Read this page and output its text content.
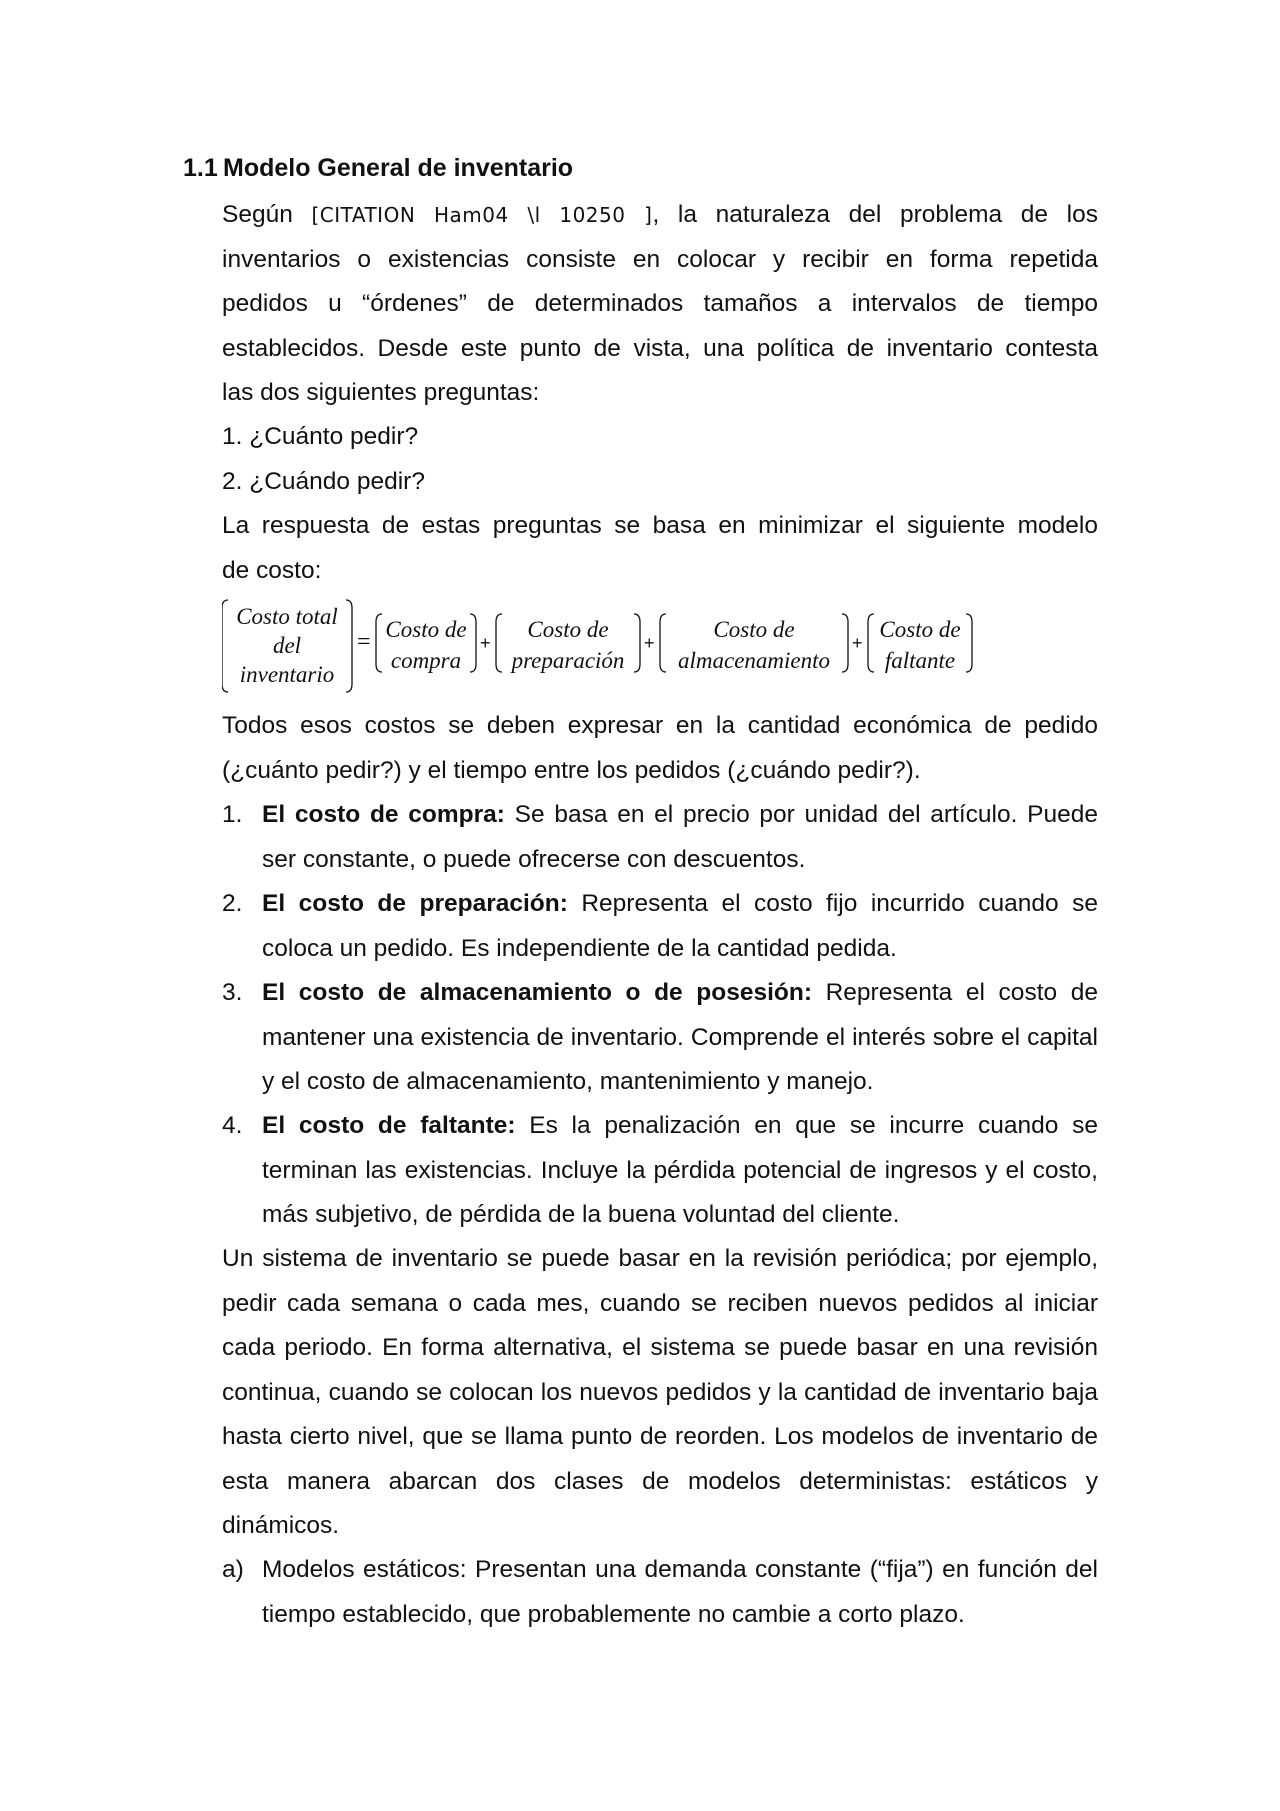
1.1 Modelo General de inventario
Según [CITATION Ham04 \l 10250 ], la naturaleza del problema de los
inventarios o existencias consiste en colocar y recibir en forma repetida
pedidos u “órdenes” de determinados tamaños a intervalos de tiempo
establecidos. Desde este punto de vista, una política de inventario contesta
las dos siguientes preguntas:
1. ¿Cuánto pedir?
2. ¿Cuándo pedir?
La respuesta de estas preguntas se basa en minimizar el siguiente modelo
de costo:
Costo total
del
inventario
= Costo de
compra
+
Costo de
preparación
+
Costo de
almacenamiento
+
Costo de
faltante
Todos esos costos se deben expresar en la cantidad económica de pedido
(¿cuánto pedir?) y el tiempo entre los pedidos (¿cuándo pedir?).
1. El costo de compra: Se basa en el precio por unidad del artículo. Puede ser constante, o puede ofrecerse con descuentos.
2. El costo de preparación: Representa el costo fijo incurrido cuando se coloca un pedido. Es independiente de la cantidad pedida.
3. El costo de almacenamiento o de posesión: Representa el costo de mantener una existencia de inventario. Comprende el interés sobre el capital y el costo de almacenamiento, mantenimiento y manejo.
4. El costo de faltante: Es la penalización en que se incurre cuando se terminan las existencias. Incluye la pérdida potencial de ingresos y el costo, más subjetivo, de pérdida de la buena voluntad del cliente.
Un sistema de inventario se puede basar en la revisión periódica; por ejemplo, pedir cada semana o cada mes, cuando se reciben nuevos pedidos al iniciar cada periodo. En forma alternativa, el sistema se puede basar en una revisión continua, cuando se colocan los nuevos pedidos y la cantidad de inventario baja hasta cierto nivel, que se llama punto de reorden. Los modelos de inventario de esta manera abarcan dos clases de modelos deterministas: estáticos y dinámicos.
a) Modelos estáticos: Presentan una demanda constante (“fija”) en función del tiempo establecido, que probablemente no cambie a corto plazo.
